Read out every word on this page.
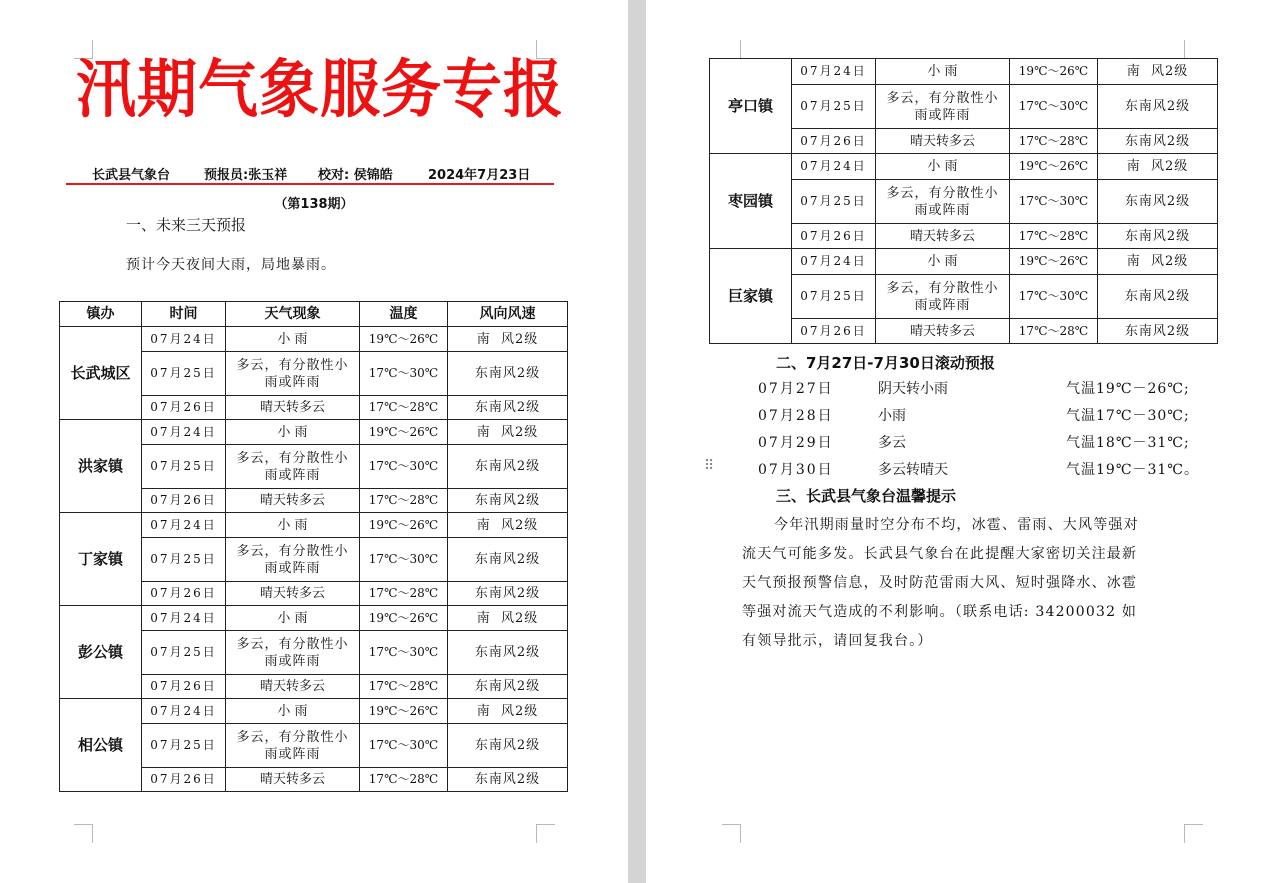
汛期气象服务专报
长武县气象台	预报员:张玉祥 校对: 侯锦皓	2024年7月23日
（第138期）
一、未来三天预报
预计今天夜间大雨，局地暴雨。
镇办	时间	天气现象	温度	风向风速
长武城区	07月24日	小 雨	19℃～26℃	南  风2级
	07月25日	多云，有分散性小雨或阵雨	17℃～30℃	东南风2级
	07月26日	晴天转多云	17℃～28℃	东南风2级
洪家镇	07月24日	小 雨	19℃～26℃	南  风2级
	07月25日	多云，有分散性小雨或阵雨	17℃～30℃	东南风2级
	07月26日	晴天转多云	17℃～28℃	东南风2级
丁家镇	07月24日	小 雨	19℃～26℃	南  风2级
	07月25日	多云，有分散性小雨或阵雨	17℃～30℃	东南风2级
	07月26日	晴天转多云	17℃～28℃	东南风2级
彭公镇	07月24日	小 雨	19℃～26℃	南  风2级
	07月25日	多云，有分散性小雨或阵雨	17℃～30℃	东南风2级
	07月26日	晴天转多云	17℃～28℃	东南风2级
相公镇	07月24日	小 雨	19℃～26℃	南  风2级
	07月25日	多云，有分散性小雨或阵雨	17℃～30℃	东南风2级
	07月26日	晴天转多云	17℃～28℃	东南风2级
亭口镇	07月24日	小 雨	19℃～26℃	南  风2级
	07月25日	多云，有分散性小雨或阵雨	17℃～30℃	东南风2级
	07月26日	晴天转多云	17℃～28℃	东南风2级
枣园镇	07月24日	小 雨	19℃～26℃	南  风2级
	07月25日	多云，有分散性小雨或阵雨	17℃～30℃	东南风2级
	07月26日	晴天转多云	17℃～28℃	东南风2级
巨家镇	07月24日	小 雨	19℃～26℃	南  风2级
	07月25日	多云，有分散性小雨或阵雨	17℃～30℃	东南风2级
	07月26日	晴天转多云	17℃～28℃	东南风2级
二、7月27日-7月30日滚动预报
07月27日	阴天转小雨	气温19℃－26℃;
07月28日	小雨	气温17℃－30℃;
07月29日	多云	气温18℃－31℃;
07月30日	多云转晴天	气温19℃－31℃。
三、长武县气象台温馨提示
今年汛期雨量时空分布不均，冰雹、雷雨、大风等强对
流天气可能多发。长武县气象台在此提醒大家密切关注最新
天气预报预警信息，及时防范雷雨大风、短时强降水、冰雹
等强对流天气造成的不利影响。（联系电话: 34200032 如
有领导批示，请回复我台。）
⠿
